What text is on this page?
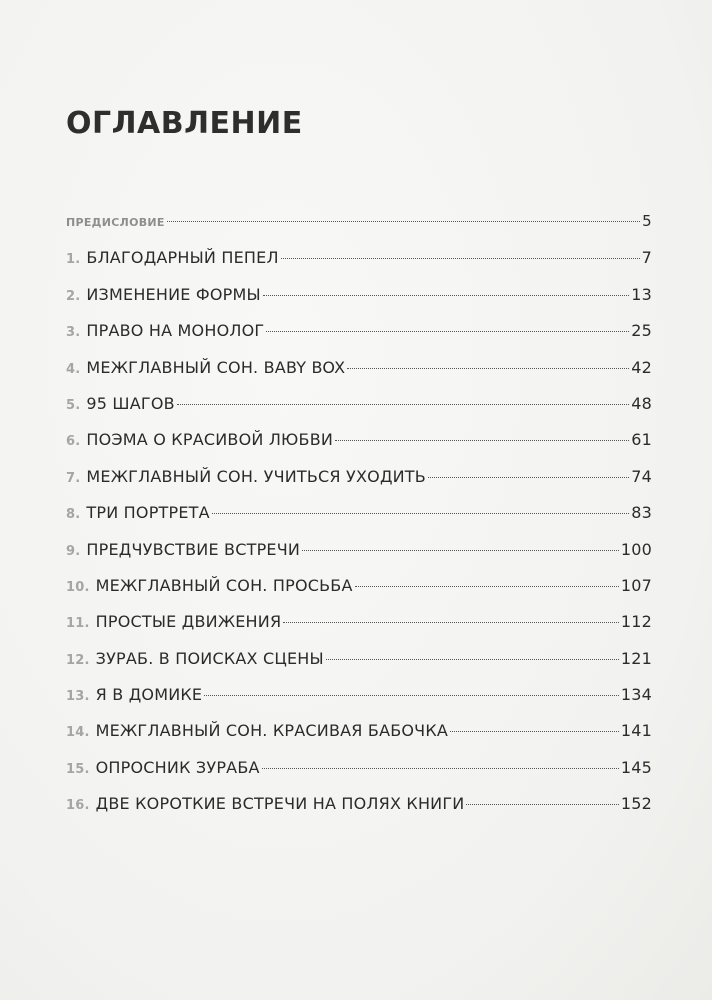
ОГЛАВЛЕНИЕ
ПРЕДИСЛОВИЕ	5
1. БЛАГОДАРНЫЙ ПЕПЕЛ	7
2. ИЗМЕНЕНИЕ ФОРМЫ	13
3. ПРАВО НА МОНОЛОГ	25
4. МЕЖГЛАВНЫЙ СОН. BABY BOX	42
5. 95 ШАГОВ	48
6. ПОЭМА О КРАСИВОЙ ЛЮБВИ	61
7. МЕЖГЛАВНЫЙ СОН. УЧИТЬСЯ УХОДИТЬ	74
8. ТРИ ПОРТРЕТА	83
9. ПРЕДЧУВСТВИЕ ВСТРЕЧИ	100
10. МЕЖГЛАВНЫЙ СОН. ПРОСЬБА	107
11. ПРОСТЫЕ ДВИЖЕНИЯ	112
12. ЗУРАБ. В ПОИСКАХ СЦЕНЫ	121
13. Я В ДОМИКЕ	134
14. МЕЖГЛАВНЫЙ СОН. КРАСИВАЯ БАБОЧКА	141
15. ОПРОСНИК ЗУРАБА	145
16. ДВЕ КОРОТКИЕ ВСТРЕЧИ НА ПОЛЯХ КНИГИ	152
